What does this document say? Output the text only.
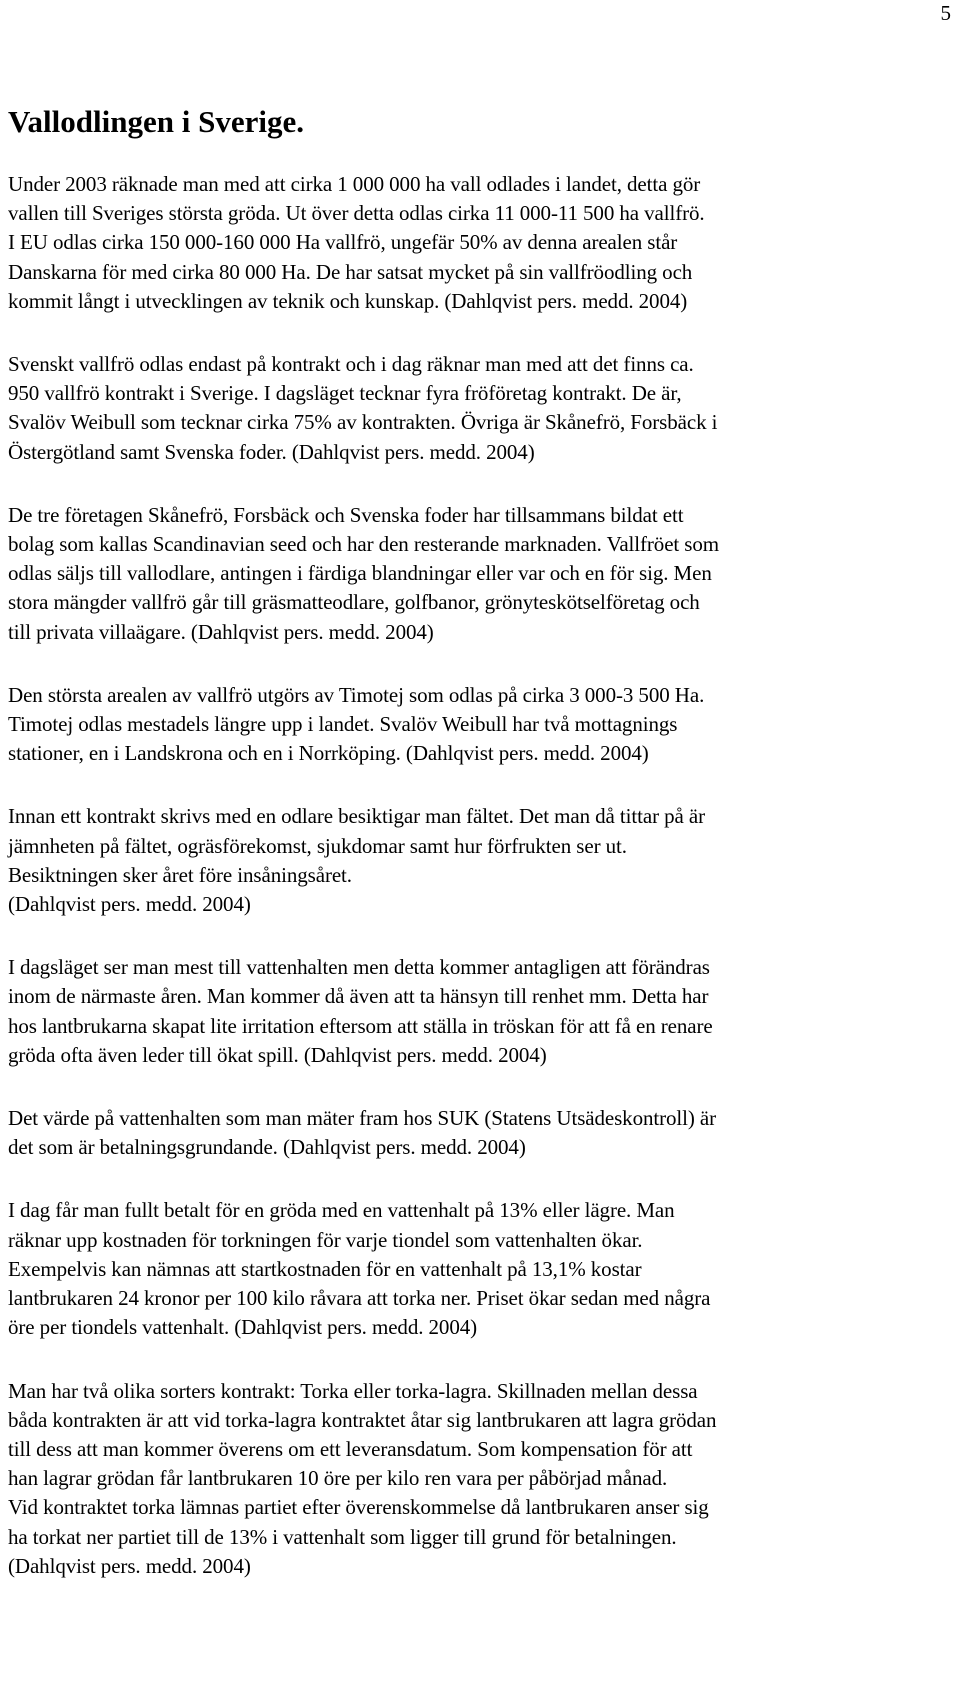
5
Vallodlingen i Sverige.

Under 2003 räknade man med att cirka 1 000 000 ha vall odlades i landet, detta gör
vallen till Sveriges största gröda. Ut över detta odlas cirka 11 000-11 500 ha vallfrö.
I EU odlas cirka 150 000-160 000 Ha vallfrö, ungefär 50% av denna arealen står
Danskarna för med cirka 80 000 Ha. De har satsat mycket på sin vallfröodling och
kommit långt i utvecklingen av teknik och kunskap. (Dahlqvist pers. medd. 2004)

Svenskt vallfrö odlas endast på kontrakt och i dag räknar man med att det finns ca.
950 vallfrö kontrakt i Sverige. I dagsläget tecknar fyra fröföretag kontrakt. De är,
Svalöv Weibull som tecknar cirka 75% av kontrakten. Övriga är Skånefrö, Forsbäck i
Östergötland samt Svenska foder. (Dahlqvist pers. medd. 2004)

De tre företagen Skånefrö, Forsbäck och Svenska foder har tillsammans bildat ett
bolag som kallas Scandinavian seed och har den resterande marknaden. Vallfröet som
odlas säljs till vallodlare, antingen i färdiga blandningar eller var och en för sig. Men
stora mängder vallfrö går till gräsmatteodlare, golfbanor, grönyteskötselföretag och
till privata villaägare. (Dahlqvist pers. medd. 2004)

Den största arealen av vallfrö utgörs av Timotej som odlas på cirka 3 000-3 500 Ha.
Timotej odlas mestadels längre upp i landet. Svalöv Weibull har två mottagnings
stationer, en i Landskrona och en i Norrköping. (Dahlqvist pers. medd. 2004)

Innan ett kontrakt skrivs med en odlare besiktigar man fältet. Det man då tittar på är
jämnheten på fältet, ogräsförekomst, sjukdomar samt hur förfrukten ser ut.
Besiktningen sker året före insåningsåret.
(Dahlqvist pers. medd. 2004)

I dagsläget ser man mest till vattenhalten men detta kommer antagligen att förändras
inom de närmaste åren. Man kommer då även att ta hänsyn till renhet mm. Detta har
hos lantbrukarna skapat lite irritation eftersom att ställa in tröskan för att få en renare
gröda ofta även leder till ökat spill. (Dahlqvist pers. medd. 2004)

Det värde på vattenhalten som man mäter fram hos SUK (Statens Utsädeskontroll) är
det som är betalningsgrundande. (Dahlqvist pers. medd. 2004)

I dag får man fullt betalt för en gröda med en vattenhalt på 13% eller lägre. Man
räknar upp kostnaden för torkningen för varje tiondel som vattenhalten ökar.
Exempelvis kan nämnas att startkostnaden för en vattenhalt på 13,1% kostar
lantbrukaren 24 kronor per 100 kilo råvara att torka ner. Priset ökar sedan med några
öre per tiondels vattenhalt. (Dahlqvist pers. medd. 2004)

Man har två olika sorters kontrakt: Torka eller torka-lagra. Skillnaden mellan dessa
båda kontrakten är att vid torka-lagra kontraktet åtar sig lantbrukaren att lagra grödan
till dess att man kommer överens om ett leveransdatum. Som kompensation för att
han lagrar grödan får lantbrukaren 10 öre per kilo ren vara per påbörjad månad.
Vid kontraktet torka lämnas partiet efter överenskommelse då lantbrukaren anser sig
ha torkat ner partiet till de 13% i vattenhalt som ligger till grund för betalningen.
(Dahlqvist pers. medd. 2004)
